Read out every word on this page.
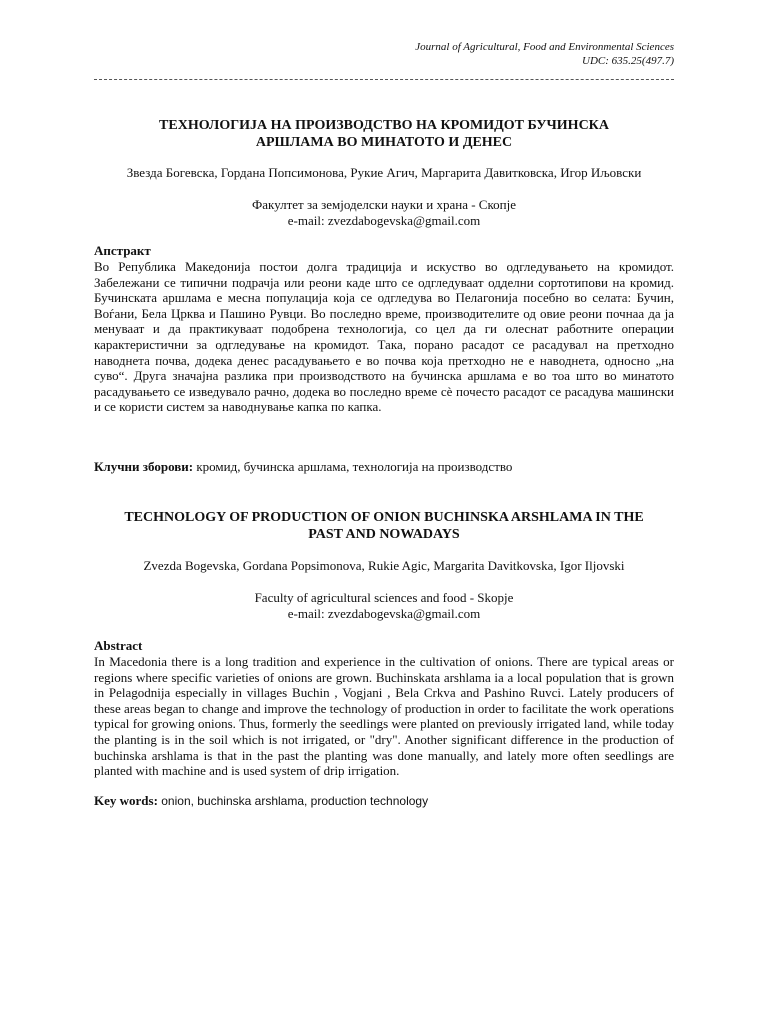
Journal of Agricultural, Food and Environmental Sciences
UDC: 635.25(497.7)
ТЕХНОЛОГИЈА НА ПРОИЗВОДСТВО НА КРОМИДОТ БУЧИНСКА
АРШЛАМА ВО МИНАТОТО И ДЕНЕС
Звезда Богевска, Гордана Попсимонова, Рукие Агич, Маргарита Давитковска, Игор Иљовски
Факултет за земјоделски науки и храна - Скопје
e-mail: zvezdabogevska@gmail.com
Апстракт
Во Република Македонија постои долга традиција и искуство во одгледувањето на кромидот. Забележани се типични подрачја или реони каде што се одгледуваат одделни сортотипови на кромид. Бучинската аршлама е месна популација која се одгледува во Пелагонија посебно во селата: Бучин, Воѓани, Бела Црква и Пашино Рувци. Во последно време, производителите од овие реони почнаа да ја менуваат и да практикуваат подобрена технологија, со цел да ги олеснат работните операции карактеристични за одгледување на кромидот. Така, порано расадот се расадувал на претходно наводнета почва, додека денес расадувањето е во почва која претходно не е наводнета, односно „на суво“. Друга значајна разлика при производството на бучинска аршлама е во тоа што во минатото расадувањето се изведувало рачно, додека во последно време сè почесто расадот се расадува машински и се користи систем за наводнување капка по капка.
Клучни зборови: кромид, бучинска аршлама, технологија на производство
TECHNOLOGY OF PRODUCTION OF ONION BUCHINSKA ARSHLAMA IN THE
PAST AND NOWADAYS
Zvezda Bogevska, Gordana Popsimonova, Rukie Agic, Margarita Davitkovska, Igor Iljovski
Faculty of agricultural sciences and food - Skopje
e-mail: zvezdabogevska@gmail.com
Abstract
In Macedonia there is a long tradition and experience in the cultivation of onions. There are typical areas or regions where specific varieties of onions are grown. Buchinskata arshlama ia a local population that is grown in Pelagodnija especially in villages Buchin , Vogjani , Bela Crkva and Pashino Ruvci. Lately producers of these areas began to change and improve the technology of production in order to facilitate the work operations typical for growing onions. Thus, formerly the seedlings were planted on previously irrigated land, while today the planting is in the soil which is not irrigated, or "dry". Another significant difference in the production of buchinska arshlama is that in the past the planting was done manually, and lately more often seedlings are planted with machine and is used system of drip irrigation.
Key words: onion, buchinska arshlama, production technology
